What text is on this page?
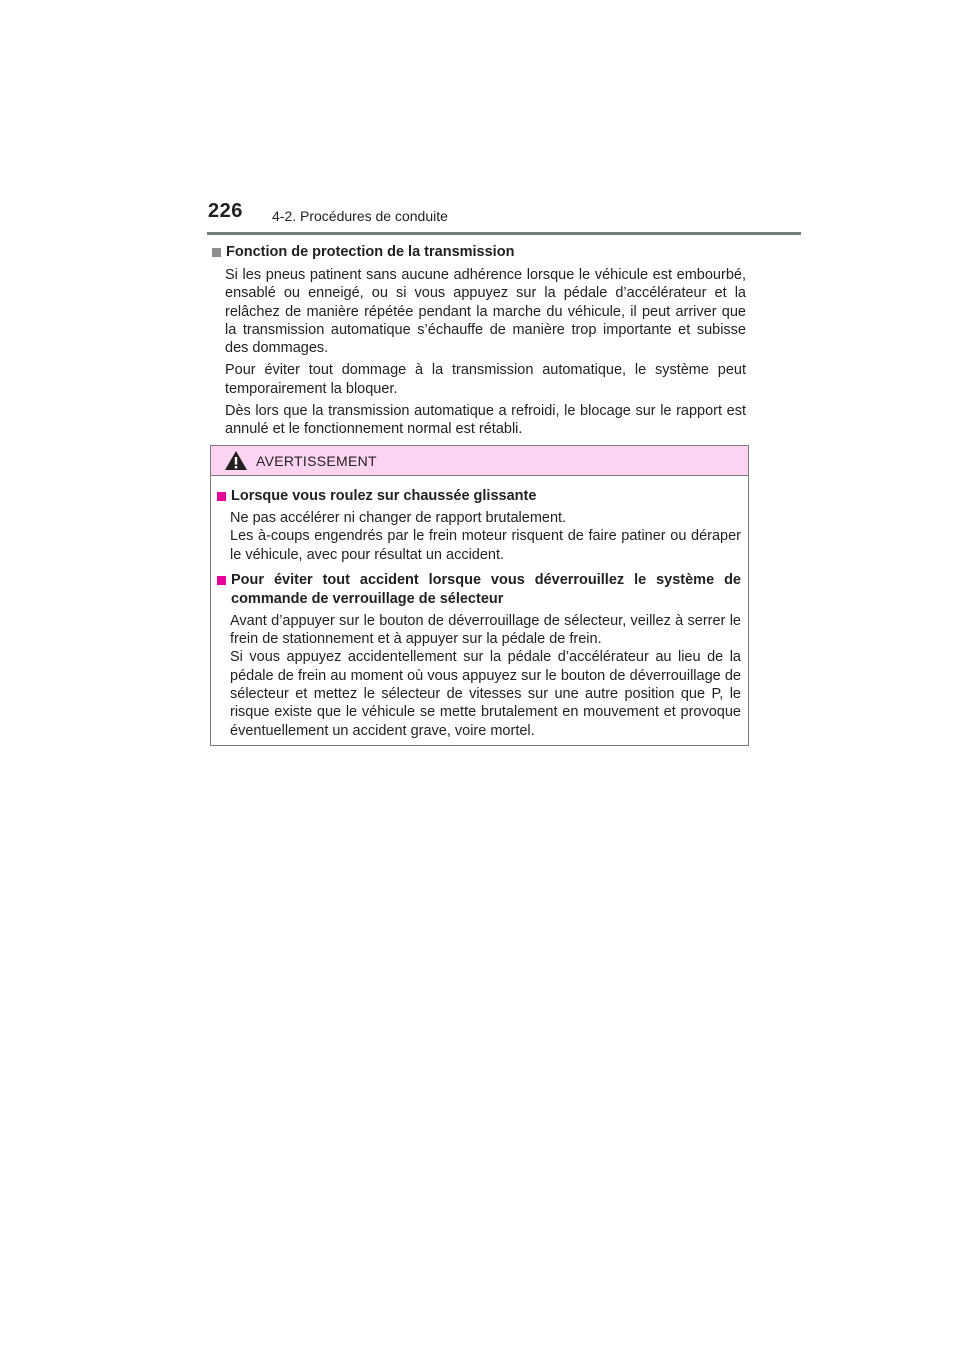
226 4-2. Procédures de conduite

Fonction de protection de la transmission

Si les pneus patinent sans aucune adhérence lorsque le véhicule est embourbé, ensablé ou enneigé, ou si vous appuyez sur la pédale d’accélérateur et la relâchez de manière répétée pendant la marche du véhicule, il peut arriver que la transmission automatique s’échauffe de manière trop importante et subisse des dommages.

Pour éviter tout dommage à la transmission automatique, le système peut temporairement la bloquer.

Dès lors que la transmission automatique a refroidi, le blocage sur le rapport est annulé et le fonctionnement normal est rétabli.

AVERTISSEMENT

Lorsque vous roulez sur chaussée glissante

Ne pas accélérer ni changer de rapport brutalement.

Les à-coups engendrés par le frein moteur risquent de faire patiner ou déraper le véhicule, avec pour résultat un accident.

Pour éviter tout accident lorsque vous déverrouillez le système de commande de verrouillage de sélecteur

Avant d’appuyer sur le bouton de déverrouillage de sélecteur, veillez à serrer le frein de stationnement et à appuyer sur la pédale de frein.

Si vous appuyez accidentellement sur la pédale d’accélérateur au lieu de la pédale de frein au moment où vous appuyez sur le bouton de déverrouillage de sélecteur et mettez le sélecteur de vitesses sur une autre position que P, le risque existe que le véhicule se mette brutalement en mouvement et provoque éventuellement un accident grave, voire mortel.
